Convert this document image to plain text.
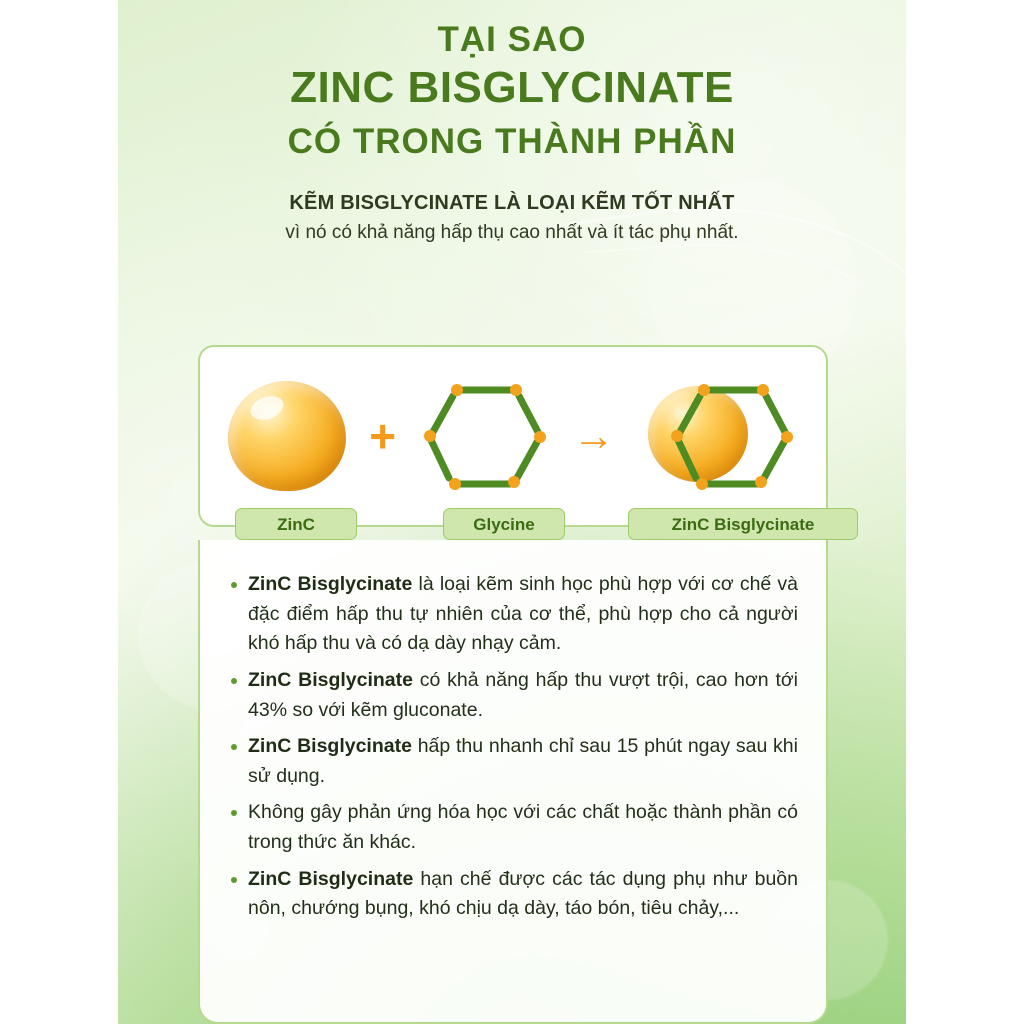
TẠI SAO
ZINC BISGLYCINATE
CÓ TRONG THÀNH PHẦN
KẼM BISGLYCINATE LÀ LOẠI KẼM TỐT NHẤT
vì nó có khả năng hấp thụ cao nhất và ít tác phụ nhất.
+	→
ZinC	Glycine	ZinC Bisglycinate
ZinC Bisglycinate là loại kẽm sinh học phù hợp với cơ chế và đặc điểm hấp thu tự nhiên của cơ thể, phù hợp cho cả người khó hấp thu và có dạ dày nhạy cảm.
ZinC Bisglycinate có khả năng hấp thu vượt trội, cao hơn tới 43% so với kẽm gluconate.
ZinC Bisglycinate hấp thu nhanh chỉ sau 15 phút ngay sau khi sử dụng.
Không gây phản ứng hóa học với các chất hoặc thành phần có trong thức ăn khác.
ZinC Bisglycinate hạn chế được các tác dụng phụ như buồn nôn, chướng bụng, khó chịu dạ dày, táo bón, tiêu chảy,...
